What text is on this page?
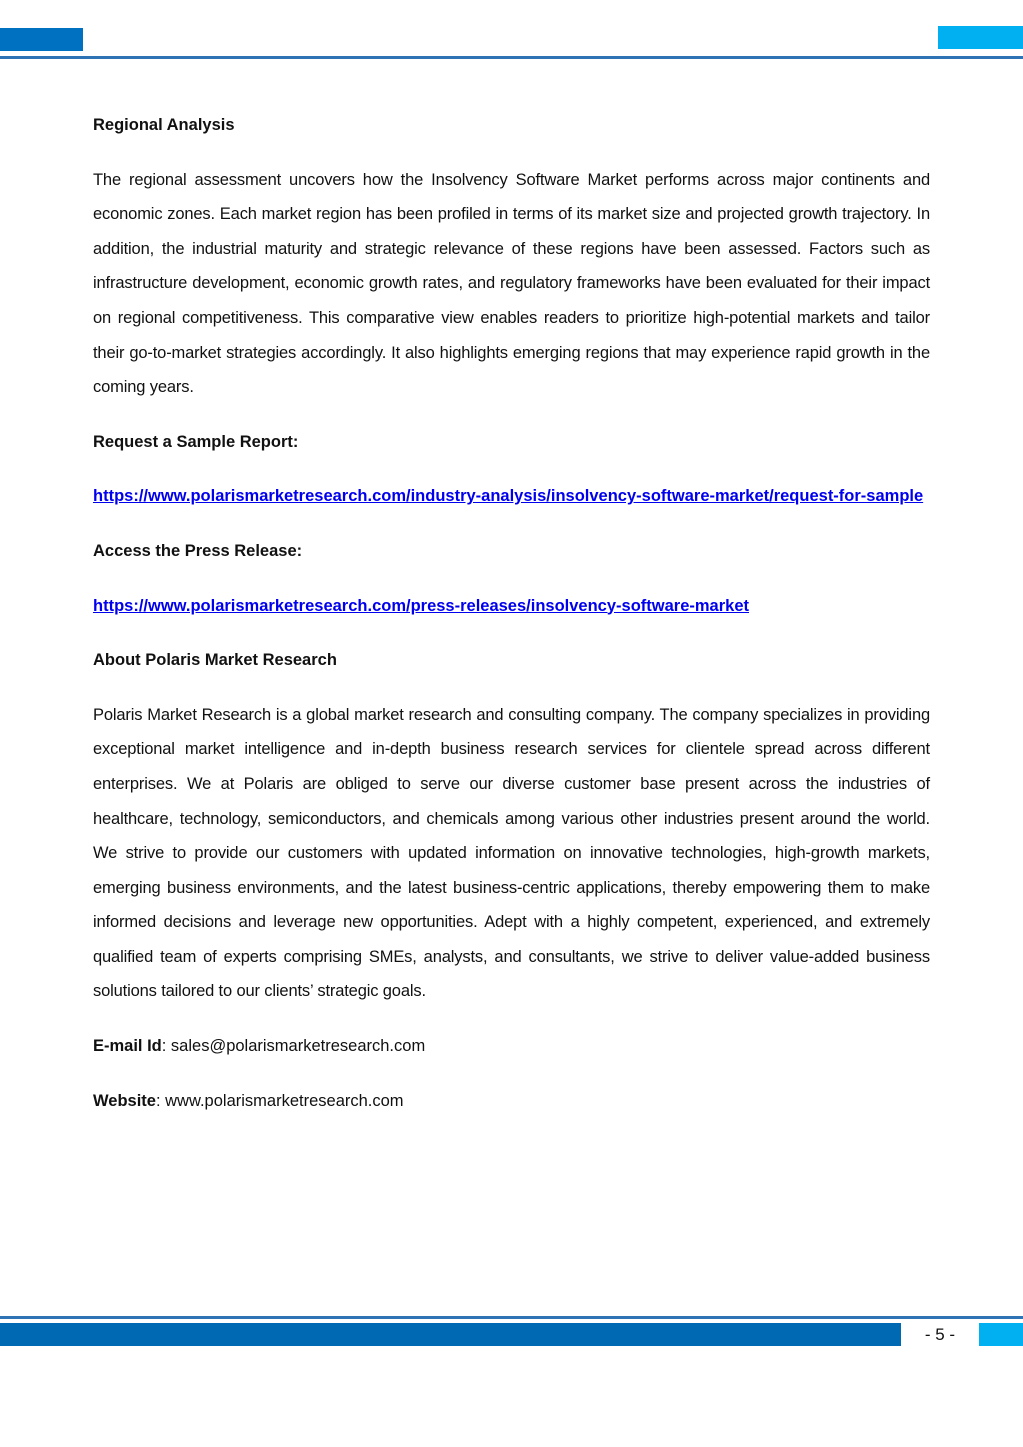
Regional Analysis

The regional assessment uncovers how the Insolvency Software Market performs across major continents and economic zones. Each market region has been profiled in terms of its market size and projected growth trajectory. In addition, the industrial maturity and strategic relevance of these regions have been assessed. Factors such as infrastructure development, economic growth rates, and regulatory frameworks have been evaluated for their impact on regional competitiveness. This comparative view enables readers to prioritize high-potential markets and tailor their go-to-market strategies accordingly. It also highlights emerging regions that may experience rapid growth in the coming years.

Request a Sample Report:

https://www.polarismarketresearch.com/industry-analysis/insolvency-software-market/request-for-sample

Access the Press Release:

https://www.polarismarketresearch.com/press-releases/insolvency-software-market

About Polaris Market Research

Polaris Market Research is a global market research and consulting company. The company specializes in providing exceptional market intelligence and in-depth business research services for clientele spread across different enterprises. We at Polaris are obliged to serve our diverse customer base present across the industries of healthcare, technology, semiconductors, and chemicals among various other industries present around the world. We strive to provide our customers with updated information on innovative technologies, high-growth markets, emerging business environments, and the latest business-centric applications, thereby empowering them to make informed decisions and leverage new opportunities. Adept with a highly competent, experienced, and extremely qualified team of experts comprising SMEs, analysts, and consultants, we strive to deliver value-added business solutions tailored to our clients’ strategic goals.

E-mail Id: sales@polarismarketresearch.com

Website: www.polarismarketresearch.com

- 5 -
